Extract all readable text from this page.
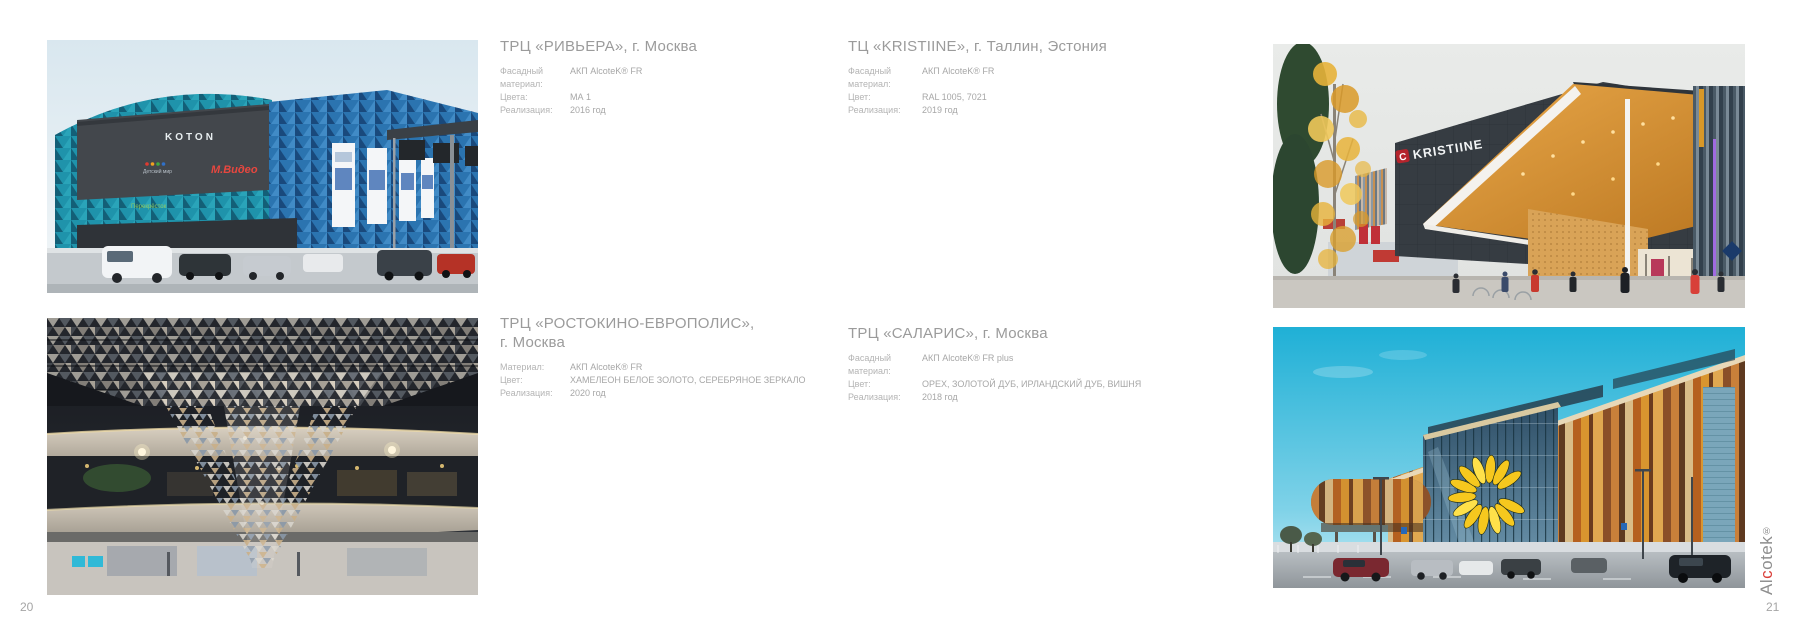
Детский мир
KOTON
Перекрёсток
М.Видео
ТРЦ «РИВЬЕРА», г. Москва
Фасадный материал:
АКП AlcoteK® FR
Цвета:	МА 1
Реализация:	2016 год
ТЦ «KRISTIINE», г. Таллин, Эстония
Фасадный материал:
АКП AlcoteK® FR
Цвет:	RAL 1005, 7021
Реализация:	2019 год
C KRISTIINE
ТРЦ «РОСТОКИНО-ЕВРОПОЛИС»,
г. Москва
Материал:	АКП AlcoteK® FR
Цвет:	ХАМЕЛЕОН БЕЛОЕ ЗОЛОТО, СЕРЕБРЯНОЕ ЗЕРКАЛО
Реализация:	2020 год
ТРЦ «САЛАРИС», г. Москва
Фасадный материал:
АКП AlcoteK® FR plus
Цвет:	ОРЕХ, ЗОЛОТОЙ ДУБ, ИРЛАНДСКИЙ ДУБ, ВИШНЯ
Реализация:	2018 год
20	21
Alcotek®
